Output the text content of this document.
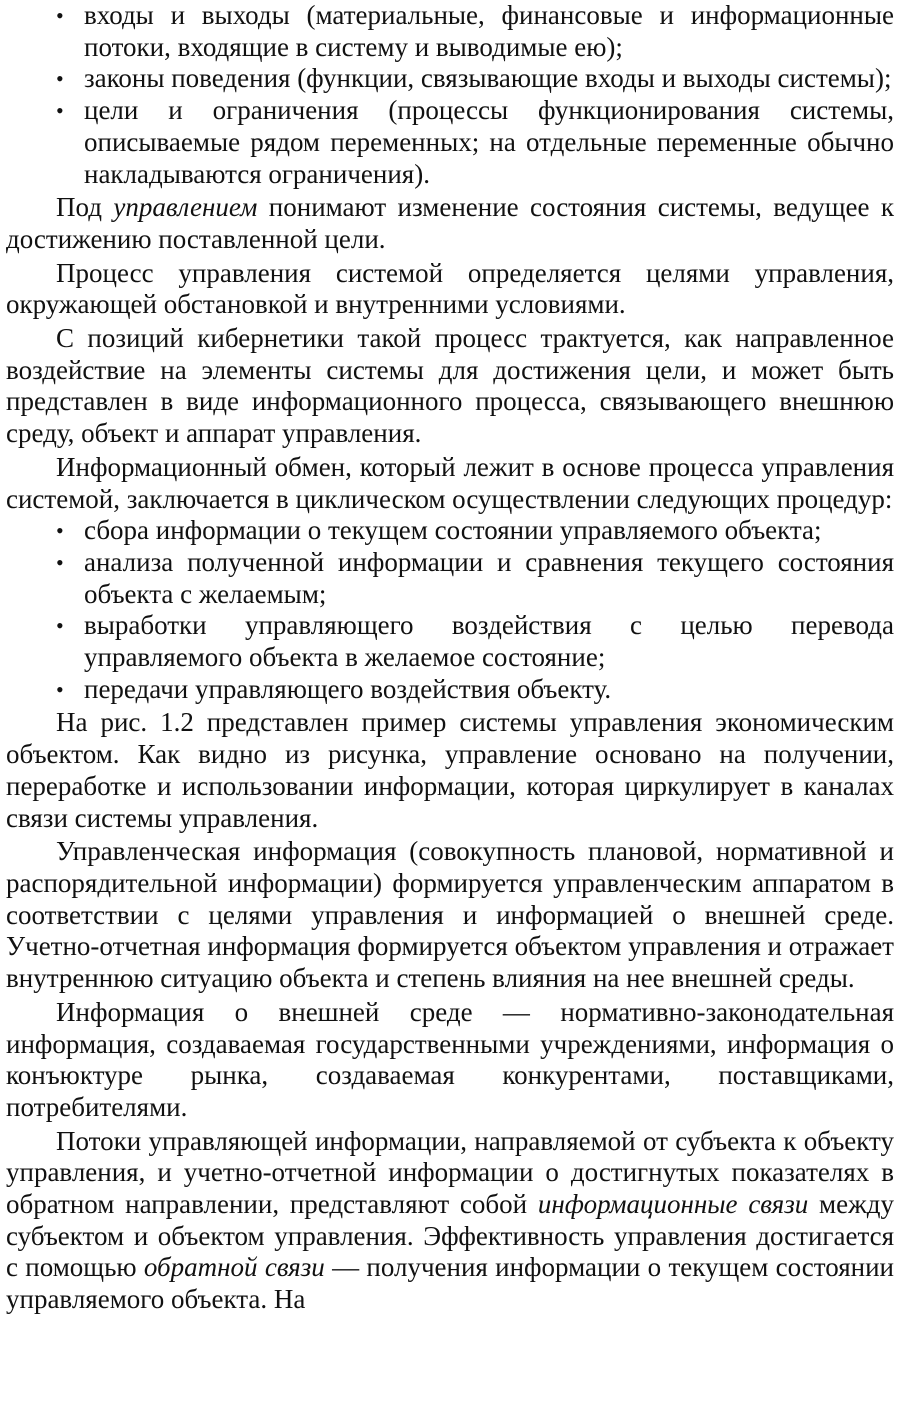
• входы и выходы (материальные, финансовые и информационные потоки, входящие в систему и выводимые ею);
• законы поведения (функции, связывающие входы и выходы системы);
• цели и ограничения (процессы функционирования системы, описываемые рядом переменных; на отдельные переменные обычно накладываются ограничения).

Под управлением понимают изменение состояния системы, ведущее к достижению поставленной цели.

Процесс управления системой определяется целями управления, окружающей обстановкой и внутренними условиями.

С позиций кибернетики такой процесс трактуется, как направленное воздействие на элементы системы для достижения цели, и может быть представлен в виде информационного процесса, связывающего внешнюю среду, объект и аппарат управления.

Информационный обмен, который лежит в основе процесса управления системой, заключается в циклическом осуществлении следующих процедур:

• сбора информации о текущем состоянии управляемого объекта;
• анализа полученной информации и сравнения текущего состояния объекта с желаемым;
• выработки управляющего воздействия с целью перевода управляемого объекта в желаемое состояние;
• передачи управляющего воздействия объекту.

На рис. 1.2 представлен пример системы управления экономическим объектом. Как видно из рисунка, управление основано на получении, переработке и использовании информации, которая циркулирует в каналах связи системы управления.

Управленческая информация (совокупность плановой, нормативной и распорядительной информации) формируется управленческим аппаратом в соответствии с целями управления и информацией о внешней среде. Учетно-отчетная информация формируется объектом управления и отражает внутреннюю ситуацию объекта и степень влияния на нее внешней среды.

Информация о внешней среде — нормативно-законодательная информация, создаваемая государственными учреждениями, информация о конъюктуре рынка, создаваемая конкурентами, поставщиками, потребителями.

Потоки управляющей информации, направляемой от субъекта к объекту управления, и учетно-отчетной информации о достигнутых показателях в обратном направлении, представляют собой информационные связи между субъектом и объектом управления. Эффективность управления достигается с помощью обратной связи — получения информации о текущем состоянии управляемого объекта. На
